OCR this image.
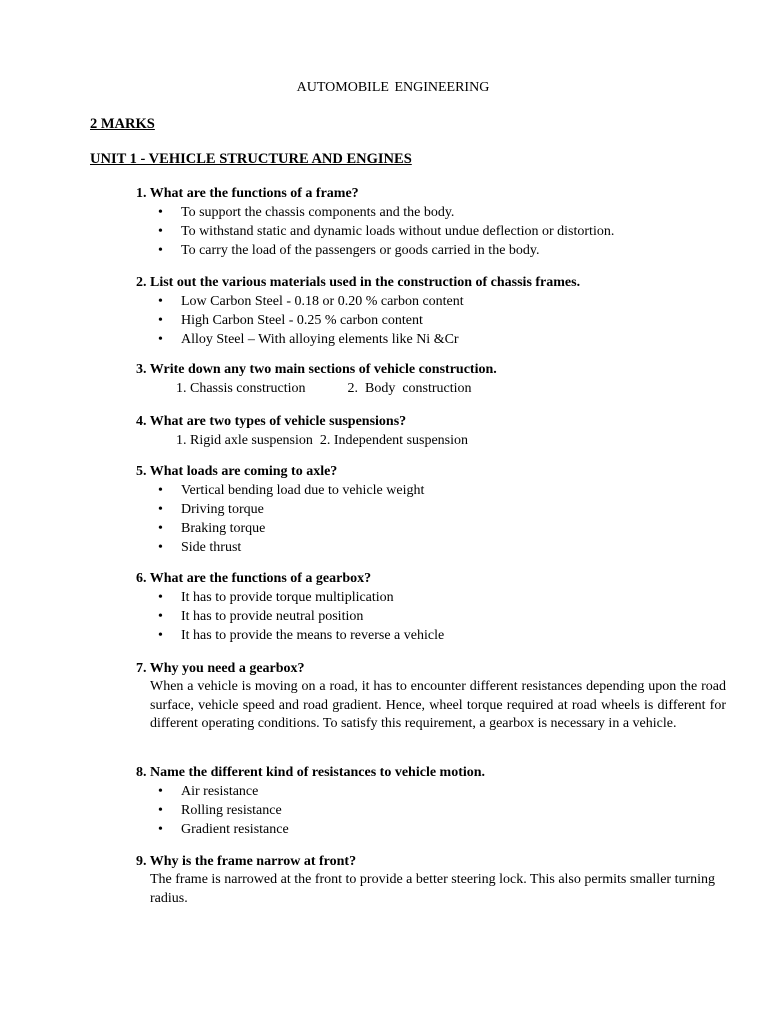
AUTOMOBILE ENGINEERING
2 MARKS
UNIT 1 - VEHICLE STRUCTURE AND ENGINES
1. What are the functions of a frame?
• To support the chassis components and the body.
• To withstand static and dynamic loads without undue deflection or distortion.
• To carry the load of the passengers or goods carried in the body.
2. List out the various materials used in the construction of chassis frames.
• Low Carbon Steel - 0.18 or 0.20 % carbon content
• High Carbon Steel - 0.25 % carbon content
• Alloy Steel – With alloying elements like Ni &Cr
3. Write down any two main sections of vehicle construction.
1. Chassis construction            2.  Body  construction
4. What are two types of vehicle suspensions?
1. Rigid axle suspension  2. Independent suspension
5. What loads are coming to axle?
• Vertical bending load due to vehicle weight
• Driving torque
• Braking torque
• Side thrust
6. What are the functions of a gearbox?
• It has to provide torque multiplication
• It has to provide neutral position
• It has to provide the means to reverse a vehicle
7. Why you need a gearbox?
When a vehicle is moving on a road, it has to encounter different resistances depending upon the road surface, vehicle speed and road gradient. Hence, wheel torque required at road wheels is different for different operating conditions. To satisfy this requirement, a gearbox is necessary in a vehicle.
8. Name the different kind of resistances to vehicle motion.
• Air resistance
• Rolling resistance
• Gradient resistance
9. Why is the frame narrow at front?
The frame is narrowed at the front to provide a better steering lock. This also permits smaller turning radius.
